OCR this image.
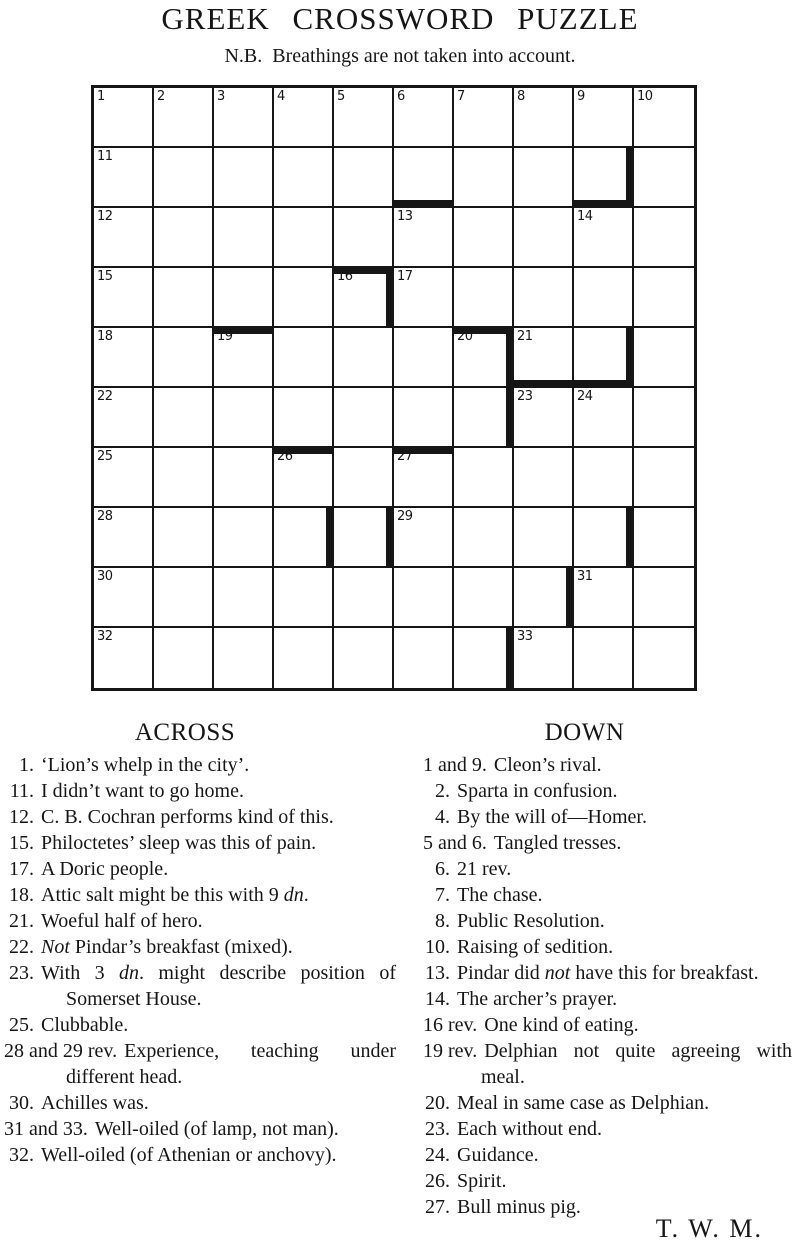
GREEK CROSSWORD PUZZLE

N.B.  Breathings are not taken into account.

1	2	3	4	5	6	7	8	9	10
11
12	13	14
15	16	17
18	19	20	21
22	23	24
25	26	27
28	29
30	31
32	33
ACROSS
1. ‘Lion’s whelp in the city’.
11. I didn’t want to go home.
12. C. B. Cochran performs kind of this.
15. Philoctetes’ sleep was this of pain.
17. A Doric people.
18. Attic salt might be this with 9 dn.
21. Woeful half of hero.
22. Not Pindar’s breakfast (mixed).
23. With 3 dn. might describe position of Somerset House.
25. Clubbable.
28 and 29 rev. Experience, teaching under different head.
30. Achilles was.
31 and 33. Well-oiled (of lamp, not man).
32. Well-oiled (of Athenian or anchovy).
DOWN
1 and 9. Cleon’s rival.
2. Sparta in confusion.
4. By the will of—Homer.
5 and 6. Tangled tresses.
6. 21 rev.
7. The chase.
8. Public Resolution.
10. Raising of sedition.
13. Pindar did not have this for breakfast.
14. The archer’s prayer.
16 rev. One kind of eating.
19 rev. Delphian not quite agreeing with meal.
20. Meal in same case as Delphian.
23. Each without end.
24. Guidance.
26. Spirit.
27. Bull minus pig.
T. W. M.
